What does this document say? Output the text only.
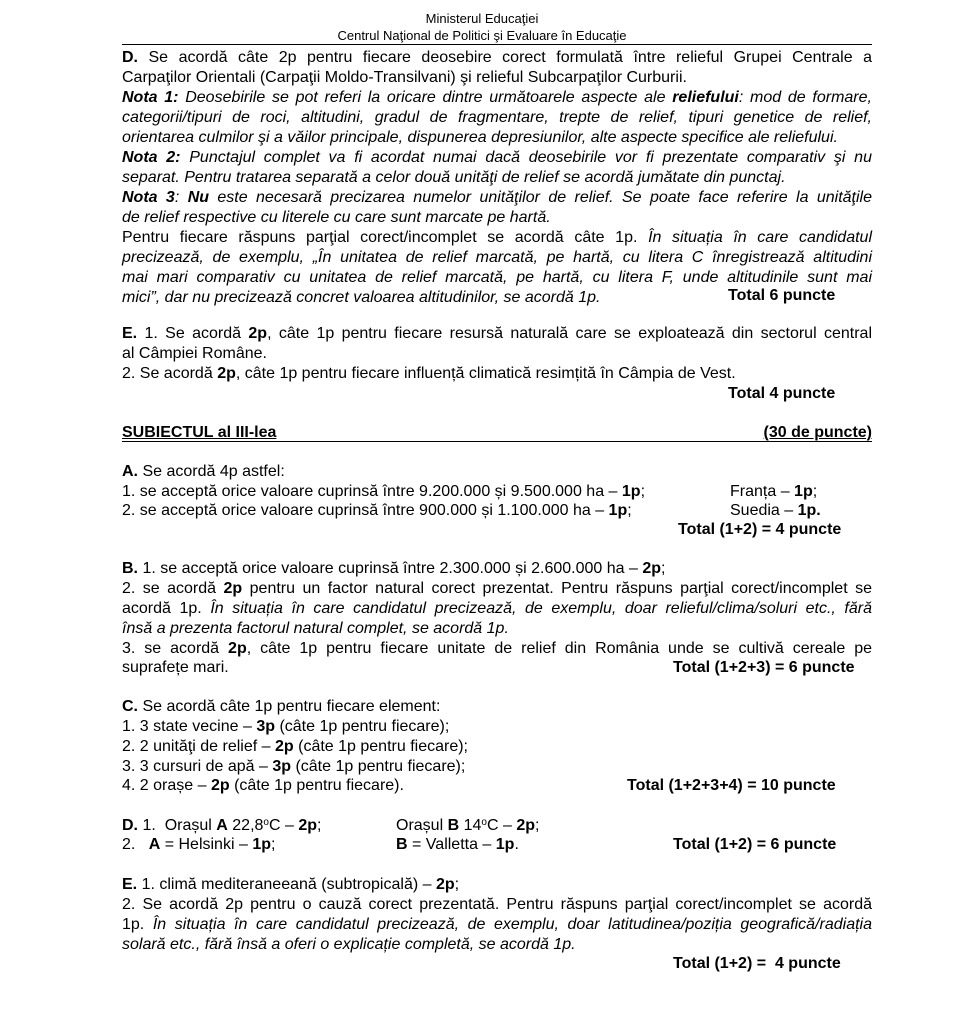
Ministerul Educaţiei
Centrul Naţional de Politici şi Evaluare în Educaţie
D. Se acordă câte 2p pentru fiecare deosebire corect formulată între relieful Grupei Centrale a
Carpaţilor Orientali (Carpaţii Moldo-Transilvani) şi relieful Subcarpaţilor Curburii.
Nota 1: Deosebirile se pot referi la oricare dintre următoarele aspecte ale reliefului: mod de formare,
categorii/tipuri de roci, altitudini, gradul de fragmentare, trepte de relief, tipuri genetice de relief,
orientarea culmilor şi a văilor principale, dispunerea depresiunilor, alte aspecte specifice ale reliefului.
Nota 2: Punctajul complet va fi acordat numai dacă deosebirile vor fi prezentate comparativ şi nu
separat. Pentru tratarea separată a celor două unităţi de relief se acordă jumătate din punctaj.
Nota 3: Nu este necesară precizarea numelor unităţilor de relief. Se poate face referire la unităţile
de relief respective cu literele cu care sunt marcate pe hartă.
Pentru fiecare răspuns parţial corect/incomplet se acordă câte 1p. În situația în care candidatul
precizează, de exemplu, „În unitatea de relief marcată, pe hartă, cu litera C înregistrează altitudini
mai mari comparativ cu unitatea de relief marcată, pe hartă, cu litera F, unde altitudinile sunt mai
mici”, dar nu precizează concret valoarea altitudinilor, se acordă 1p.	Total 6 puncte
E. 1. Se acordă 2p, câte 1p pentru fiecare resursă naturală care se exploatează din sectorul central
al Câmpiei Române.
2. Se acordă 2p, câte 1p pentru fiecare influență climatică resimțită în Câmpia de Vest.
Total 4 puncte
SUBIECTUL al III-lea	(30 de puncte)
A. Se acordă 4p astfel:
1. se acceptă orice valoare cuprinsă între 9.200.000 și 9.500.000 ha – 1p;	Franța – 1p;
2. se acceptă orice valoare cuprinsă între 900.000 și 1.100.000 ha – 1p;	Suedia – 1p.
Total (1+2) = 4 puncte
B. 1. se acceptă orice valoare cuprinsă între 2.300.000 și 2.600.000 ha – 2p;
2. se acordă 2p pentru un factor natural corect prezentat. Pentru răspuns parţial corect/incomplet se
acordă 1p. În situația în care candidatul precizează, de exemplu, doar relieful/clima/soluri etc., fără
însă a prezenta factorul natural complet, se acordă 1p.
3. se acordă 2p, câte 1p pentru fiecare unitate de relief din România unde se cultivă cereale pe
suprafețe mari.	Total (1+2+3) = 6 puncte
C. Se acordă câte 1p pentru fiecare element:
1. 3 state vecine – 3p (câte 1p pentru fiecare);
2. 2 unităţi de relief – 2p (câte 1p pentru fiecare);
3. 3 cursuri de apă – 3p (câte 1p pentru fiecare);
4. 2 orașe – 2p (câte 1p pentru fiecare).	Total (1+2+3+4) = 10 puncte
D. 1. Orașul A 22,8$^o$C – 2p;	Orașul B 14$^o$C – 2p;
2. A = Helsinki – 1p;	B = Valletta – 1p.	Total (1+2) = 6 puncte
E. 1. climă mediteraneeană (subtropicală) – 2p;
2. Se acordă 2p pentru o cauză corect prezentată. Pentru răspuns parţial corect/incomplet se acordă
1p. În situația în care candidatul precizează, de exemplu, doar latitudinea/poziția geografică/radiația
solară etc., fără însă a oferi o explicație completă, se acordă 1p.
Total (1+2) =  4 puncte
